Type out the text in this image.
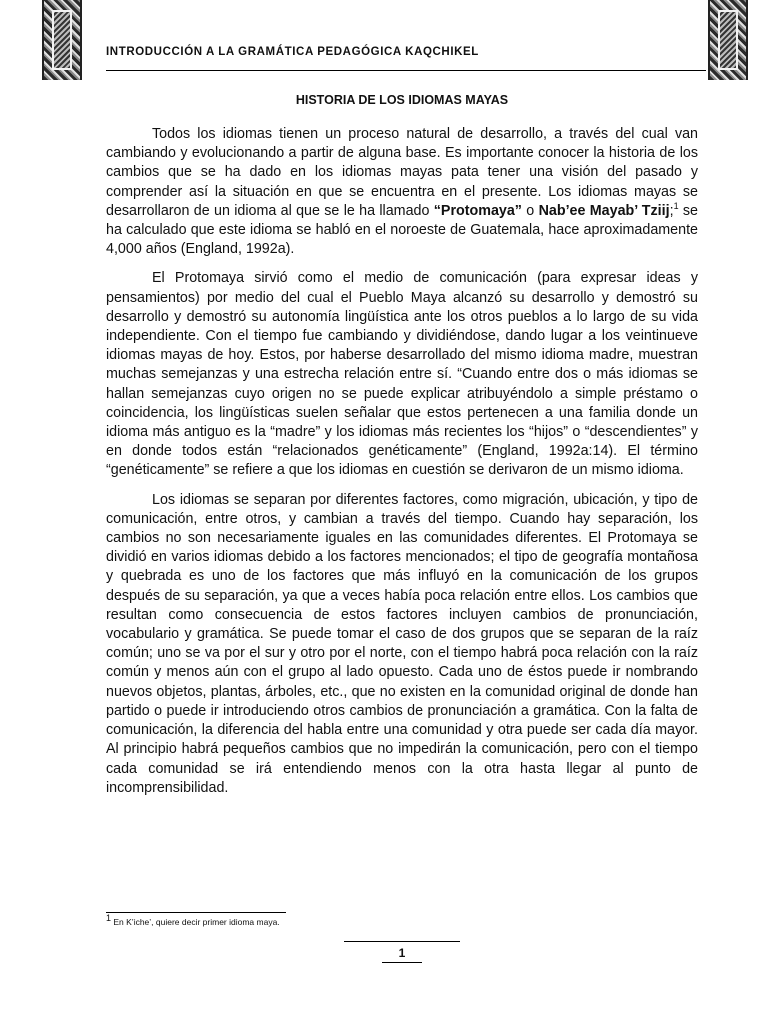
INTRODUCCIÓN A LA GRAMÁTICA PEDAGÓGICA KAQCHIKEL
HISTORIA DE LOS IDIOMAS MAYAS

Todos los idiomas tienen un proceso natural de desarrollo, a través del cual van cambiando y evolucionando a partir de alguna base. Es importante conocer la historia de los cambios que se ha dado en los idiomas mayas pata tener una visión del pasado y comprender así la situación en que se encuentra en el presente. Los idiomas mayas se desarrollaron de un idioma al que se le ha llamado “Protomaya” o Nab’ee Mayab’ Tziij;$^1$ se ha calculado que este idioma se habló en el noroeste de Guatemala, hace aproximadamente 4,000 años (England, 1992a).

El Protomaya sirvió como el medio de comunicación (para expresar ideas y pensamientos) por medio del cual el Pueblo Maya alcanzó su desarrollo y demostró su desarrollo y demostró su autonomía lingüística ante los otros pueblos a lo largo de su vida independiente. Con el tiempo fue cambiando y dividiéndose, dando lugar a los veintinueve idiomas mayas de hoy. Estos, por haberse desarrollado del mismo idioma madre, muestran muchas semejanzas y una estrecha relación entre sí. “Cuando entre dos o más idiomas se hallan semejanzas cuyo origen no se puede explicar atribuyéndolo a simple préstamo o coincidencia, los lingüísticas suelen señalar que estos pertenecen a una familia donde un idioma más antiguo es la “madre” y los idiomas más recientes los “hijos” o “descendientes” y en donde todos están “relacionados genéticamente” (England, 1992a:14). El término “genéticamente” se refiere a que los idiomas en cuestión se derivaron de un mismo idioma.

Los idiomas se separan por diferentes factores, como migración, ubicación, y tipo de comunicación, entre otros, y cambian a través del tiempo. Cuando hay separación, los cambios no son necesariamente iguales en las comunidades diferentes. El Protomaya se dividió en varios idiomas debido a los factores mencionados; el tipo de geografía montañosa y quebrada es uno de los factores que más influyó en la comunicación de los grupos después de su separación, ya que a veces había poca relación entre ellos. Los cambios que resultan como consecuencia de estos factores incluyen cambios de pronunciación, vocabulario y gramática. Se puede tomar el caso de dos grupos que se separan de la raíz común; uno se va por el sur y otro por el norte, con el tiempo habrá poca relación con la raíz común y menos aún con el grupo al lado opuesto. Cada uno de éstos puede ir nombrando nuevos objetos, plantas, árboles, etc., que no existen en la comunidad original de donde han partido o puede ir introduciendo otros cambios de pronunciación a gramática. Con la falta de comunicación, la diferencia del habla entre una comunidad y otra puede ser cada día mayor. Al principio habrá pequeños cambios que no impedirán la comunicación, pero con el tiempo cada comunidad se irá entendiendo menos con la otra hasta llegar al punto de incomprensibilidad.

$^1$ En K’iche’, quiere decir primer idioma maya.
1
